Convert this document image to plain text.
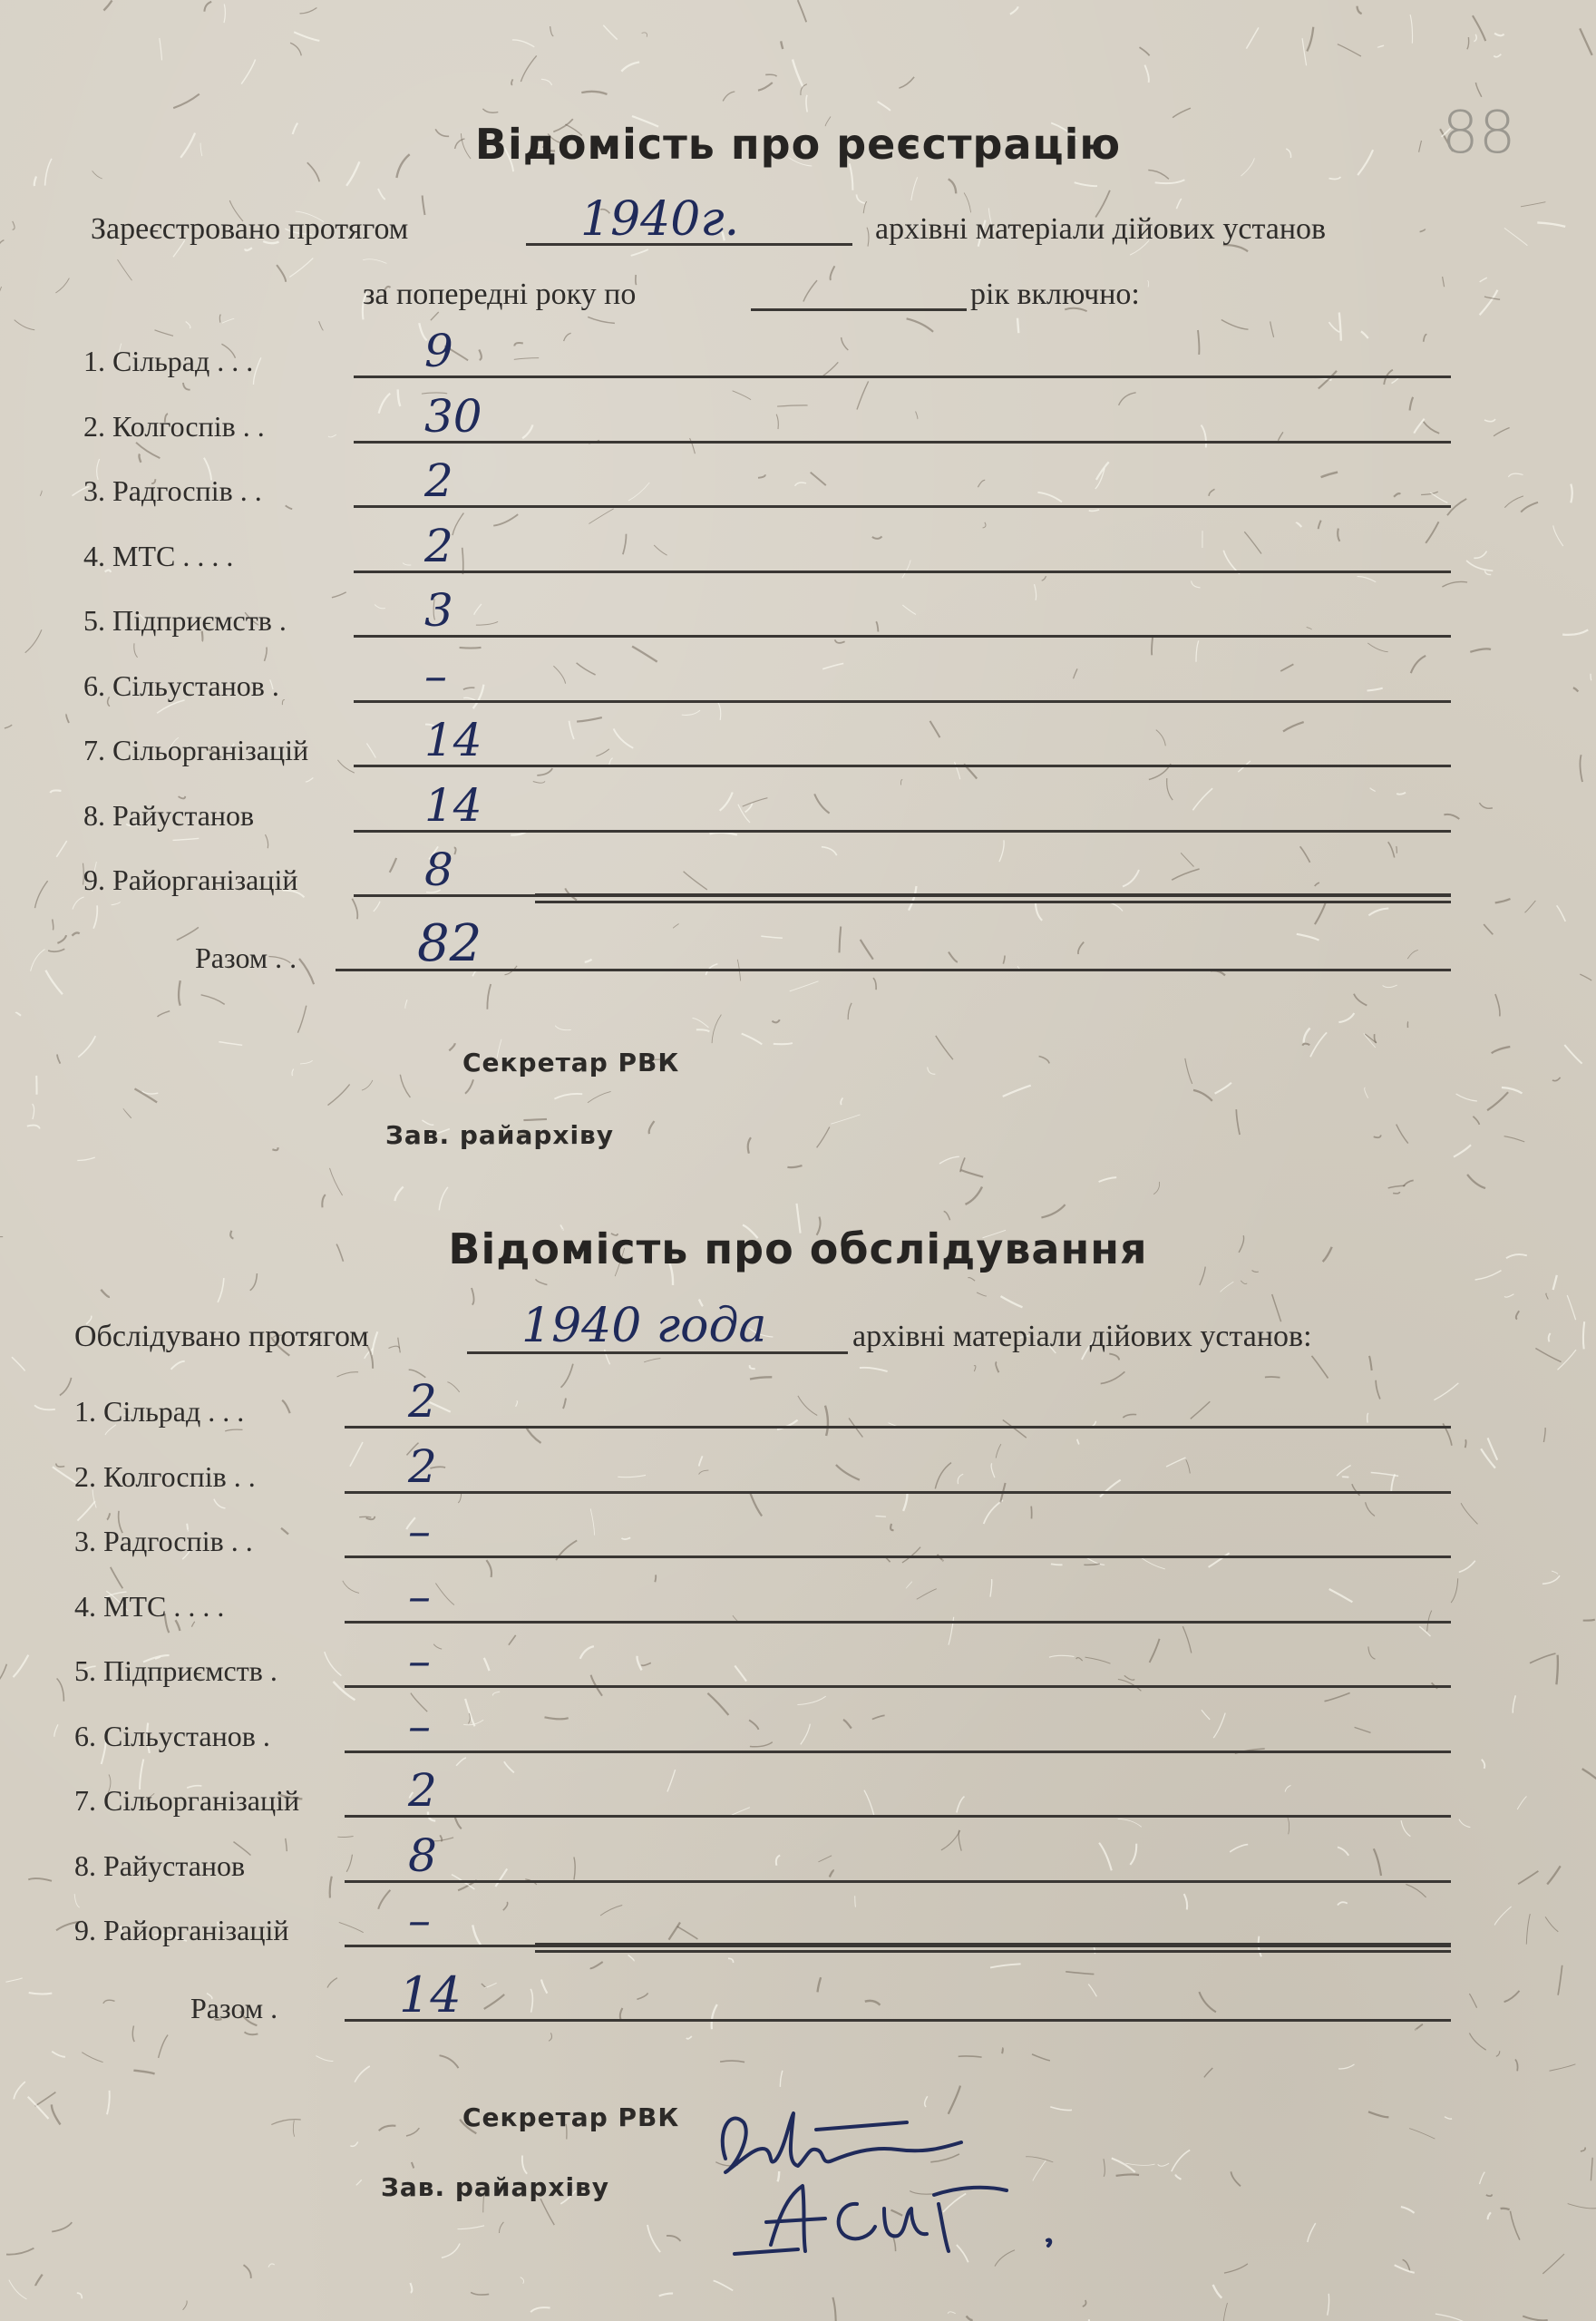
88
Відомість про реєстрацію
Зареєстровано протягом	1940г.	архівні матеріали дійових установ
за попередні року по	рік включно:
1. Сільрад . . .	9
2. Колгоспів . .	30
3. Радгоспів . .	2
4. МТС . . . .	2
5. Підприємств .	3
6. Сільустанов .	–
7. Сільорганізацій	14
8. Райустанов	14
9. Райорганізацій	8
Разом . . 82
Секретар РВК
Зав. райархіву
Відомість про обслідування
Обслідувано протягом	1940 года	архівні матеріали дійових установ:
1. Сільрад . . .	2
2. Колгоспів . .	2
3. Радгоспів . .	–
4. МТС . . . .	–
5. Підприємств .	–
6. Сільустанов .	–
7. Сільорганізацій 2
8. Райустанов	8
9. Райорганізацій	–
Разом . 14
Секретар РВК
Зав. райархіву
